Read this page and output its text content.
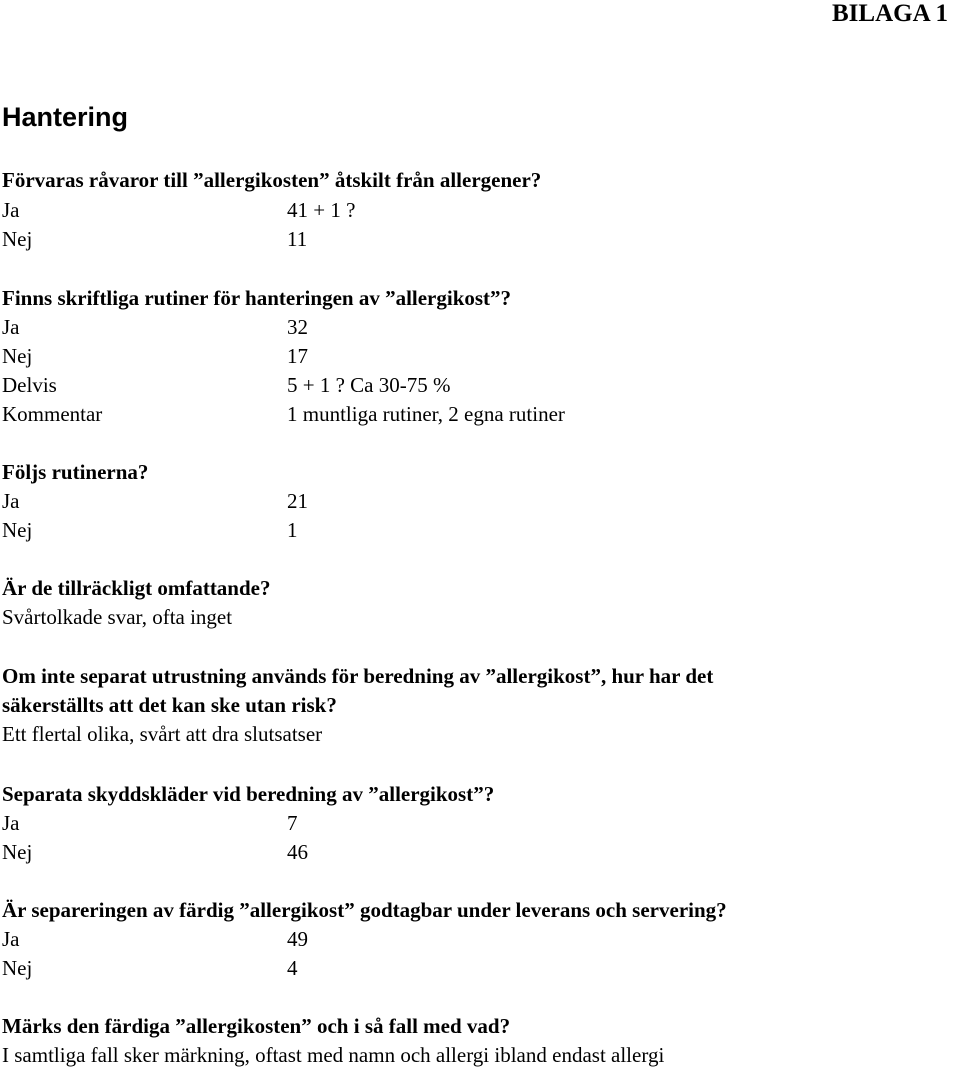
BILAGA 1
Hantering
Förvaras råvaror till ”allergikosten” åtskilt från allergener?
Ja	41 + 1 ?
Nej	11
Finns skriftliga rutiner för hanteringen av ”allergikost”?
Ja	32
Nej	17
Delvis	5 + 1 ? Ca 30-75 %
Kommentar	1 muntliga rutiner, 2 egna rutiner
Följs rutinerna?
Ja	21
Nej	1
Är de tillräckligt omfattande?
Svårtolkade svar, ofta inget
Om inte separat utrustning används för beredning av ”allergikost”, hur har det
säkerställts att det kan ske utan risk?
Ett flertal olika, svårt att dra slutsatser
Separata skyddskläder vid beredning av ”allergikost”?
Ja	7
Nej	46
Är separeringen av färdig ”allergikost” godtagbar under leverans och servering?
Ja	49
Nej	4
Märks den färdiga ”allergikosten” och i så fall med vad?
I samtliga fall sker märkning, oftast med namn och allergi ibland endast allergi
